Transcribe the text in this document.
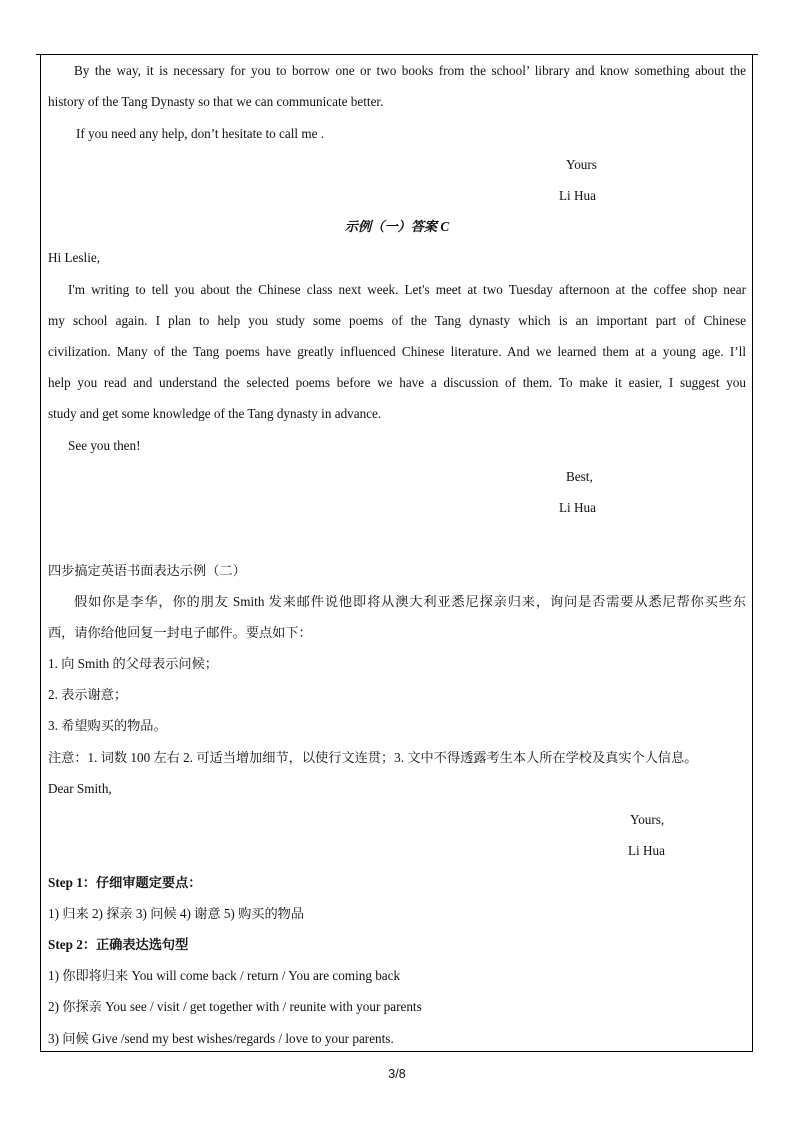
By the way, it is necessary for you to borrow one or two books from the school’ library and know something about the
history of the Tang Dynasty so that we can communicate better.
If you need any help, don’t hesitate to call me .
Yours
Li Hua
示例（一）答案 C
Hi Leslie,
I'm writing to tell you about the Chinese class next week. Let's meet at two Tuesday afternoon at the coffee shop near
my school again. I plan to help you study some poems of the Tang dynasty which is an important part of Chinese
civilization. Many of the Tang poems have greatly influenced Chinese literature. And we learned them at a young age. I’ll
help you read and understand the selected poems before we have a discussion of them. To make it easier, I suggest you
study and get some knowledge of the Tang dynasty in advance.
See you then!
Best,
Li Hua
四步搞定英语书面表达示例（二）
假如你是李华，你的朋友 Smith 发来邮件说他即将从澳大利亚悉尼探亲归来，询问是否需要从悉尼帮你买些东
西，请你给他回复一封电子邮件。要点如下：
1. 向 Smith 的父母表示问候；
2. 表示谢意；
3. 希望购买的物品。
注意：1. 词数 100 左右 2. 可适当增加细节，以使行文连贯；3. 文中不得透露考生本人所在学校及真实个人信息。
Dear Smith,
Yours,
Li Hua
Step 1：仔细审题定要点：
1) 归来 2) 探亲 3) 问候 4) 谢意 5) 购买的物品
Step 2：正确表达选句型
1) 你即将归来 You will come back / return / You are coming back
2) 你探亲 You see / visit / get together with / reunite with your parents
3) 问候 Give /send my best wishes/regards / love to your parents.
3/8
